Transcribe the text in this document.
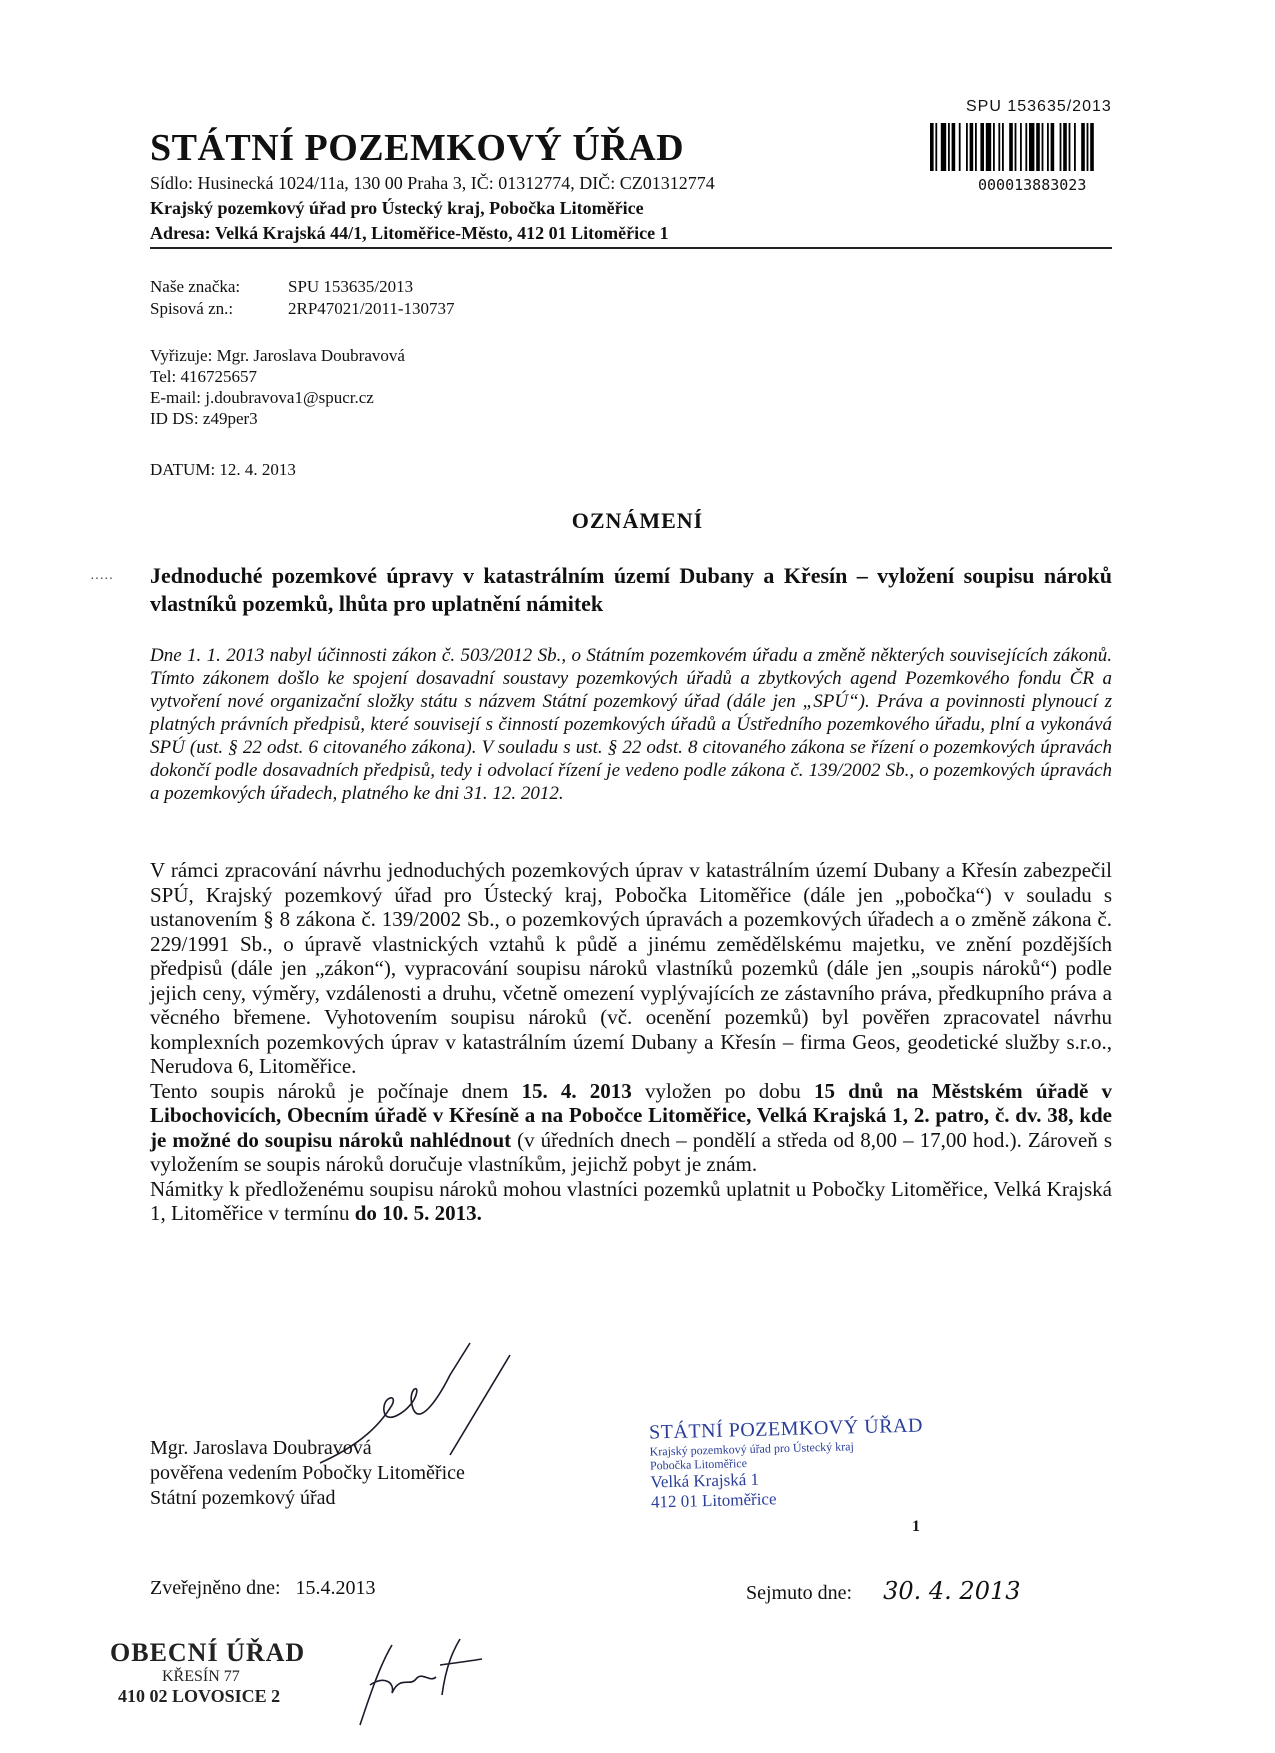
SPU 153635/2013
000013883023
STÁTNÍ POZEMKOVÝ ÚŘAD
Sídlo: Husinecká 1024/11a, 130 00 Praha 3, IČ: 01312774, DIČ: CZ01312774
Krajský pozemkový úřad pro Ústecký kraj, Pobočka Litoměřice
Adresa: Velká Krajská 44/1, Litoměřice-Město, 412 01 Litoměřice 1
Naše značka:	SPU 153635/2013
Spisová zn.:	2RP47021/2011-130737
Vyřizuje: Mgr. Jaroslava Doubravová
Tel: 416725657
E-mail: j.doubravova1@spucr.cz
ID DS: z49per3
DATUM: 12. 4. 2013
OZNÁMENÍ
····· Jednoduché pozemkové úpravy v katastrálním území Dubany a Křesín – vyložení soupisu nároků vlastníků pozemků, lhůta pro uplatnění námitek
Dne 1. 1. 2013 nabyl účinnosti zákon č. 503/2012 Sb., o Státním pozemkovém úřadu a změně některých souvisejících zákonů. Tímto zákonem došlo ke spojení dosavadní soustavy pozemkových úřadů a zbytkových agend Pozemkového fondu ČR a vytvoření nové organizační složky státu s názvem Státní pozemkový úřad (dále jen „SPÚ“). Práva a povinnosti plynoucí z platných právních předpisů, které souvisejí s činností pozemkových úřadů a Ústředního pozemkového úřadu, plní a vykonává SPÚ (ust. § 22 odst. 6 citovaného zákona). V souladu s ust. § 22 odst. 8 citovaného zákona se řízení o pozemkových úpravách dokončí podle dosavadních předpisů, tedy i odvolací řízení je vedeno podle zákona č. 139/2002 Sb., o pozemkových úpravách a pozemkových úřadech, platného ke dni 31. 12. 2012.

V rámci zpracování návrhu jednoduchých pozemkových úprav v katastrálním území Dubany a Křesín zabezpečil SPÚ, Krajský pozemkový úřad pro Ústecký kraj, Pobočka Litoměřice (dále jen „pobočka“) v souladu s ustanovením § 8 zákona č. 139/2002 Sb., o pozemkových úpravách a pozemkových úřadech a o změně zákona č. 229/1991 Sb., o úpravě vlastnických vztahů k půdě a jinému zemědělskému majetku, ve znění pozdějších předpisů (dále jen „zákon“), vypracování soupisu nároků vlastníků pozemků (dále jen „soupis nároků“) podle jejich ceny, výměry, vzdálenosti a druhu, včetně omezení vyplývajících ze zástavního práva, předkupního práva a věcného břemene. Vyhotovením soupisu nároků (vč. ocenění pozemků) byl pověřen zpracovatel návrhu komplexních pozemkových úprav v katastrálním území Dubany a Křesín – firma Geos, geodetické služby s.r.o., Nerudova 6, Litoměřice.

Tento soupis nároků je počínaje dnem 15. 4. 2013 vyložen po dobu 15 dnů na Městském úřadě v Libochovicích, Obecním úřadě v Křesíně a na Pobočce Litoměřice, Velká Krajská 1, 2. patro, č. dv. 38, kde je možné do soupisu nároků nahlédnout (v úředních dnech – pondělí a středa od 8,00 – 17,00 hod.). Zároveň s vyložením se soupis nároků doručuje vlastníkům, jejichž pobyt je znám.

Námitky k předloženému soupisu nároků mohou vlastníci pozemků uplatnit u Pobočky Litoměřice, Velká Krajská 1, Litoměřice v termínu do 10. 5. 2013.

Mgr. Jaroslava Doubravová
pověřena vedením Pobočky Litoměřice
Státní pozemkový úřad
STÁTNÍ POZEMKOVÝ ÚŘAD
Krajský pozemkový úřad pro Ústecký kraj
Pobočka Litoměřice
Velká Krajská 1
412 01 Litoměřice
1
Zveřejněno dne: 15.4.2013	Sejmuto dne: 30. 4. 2013
OBECNÍ ÚŘAD
KŘESÍN 77
410 02 LOVOSICE 2
